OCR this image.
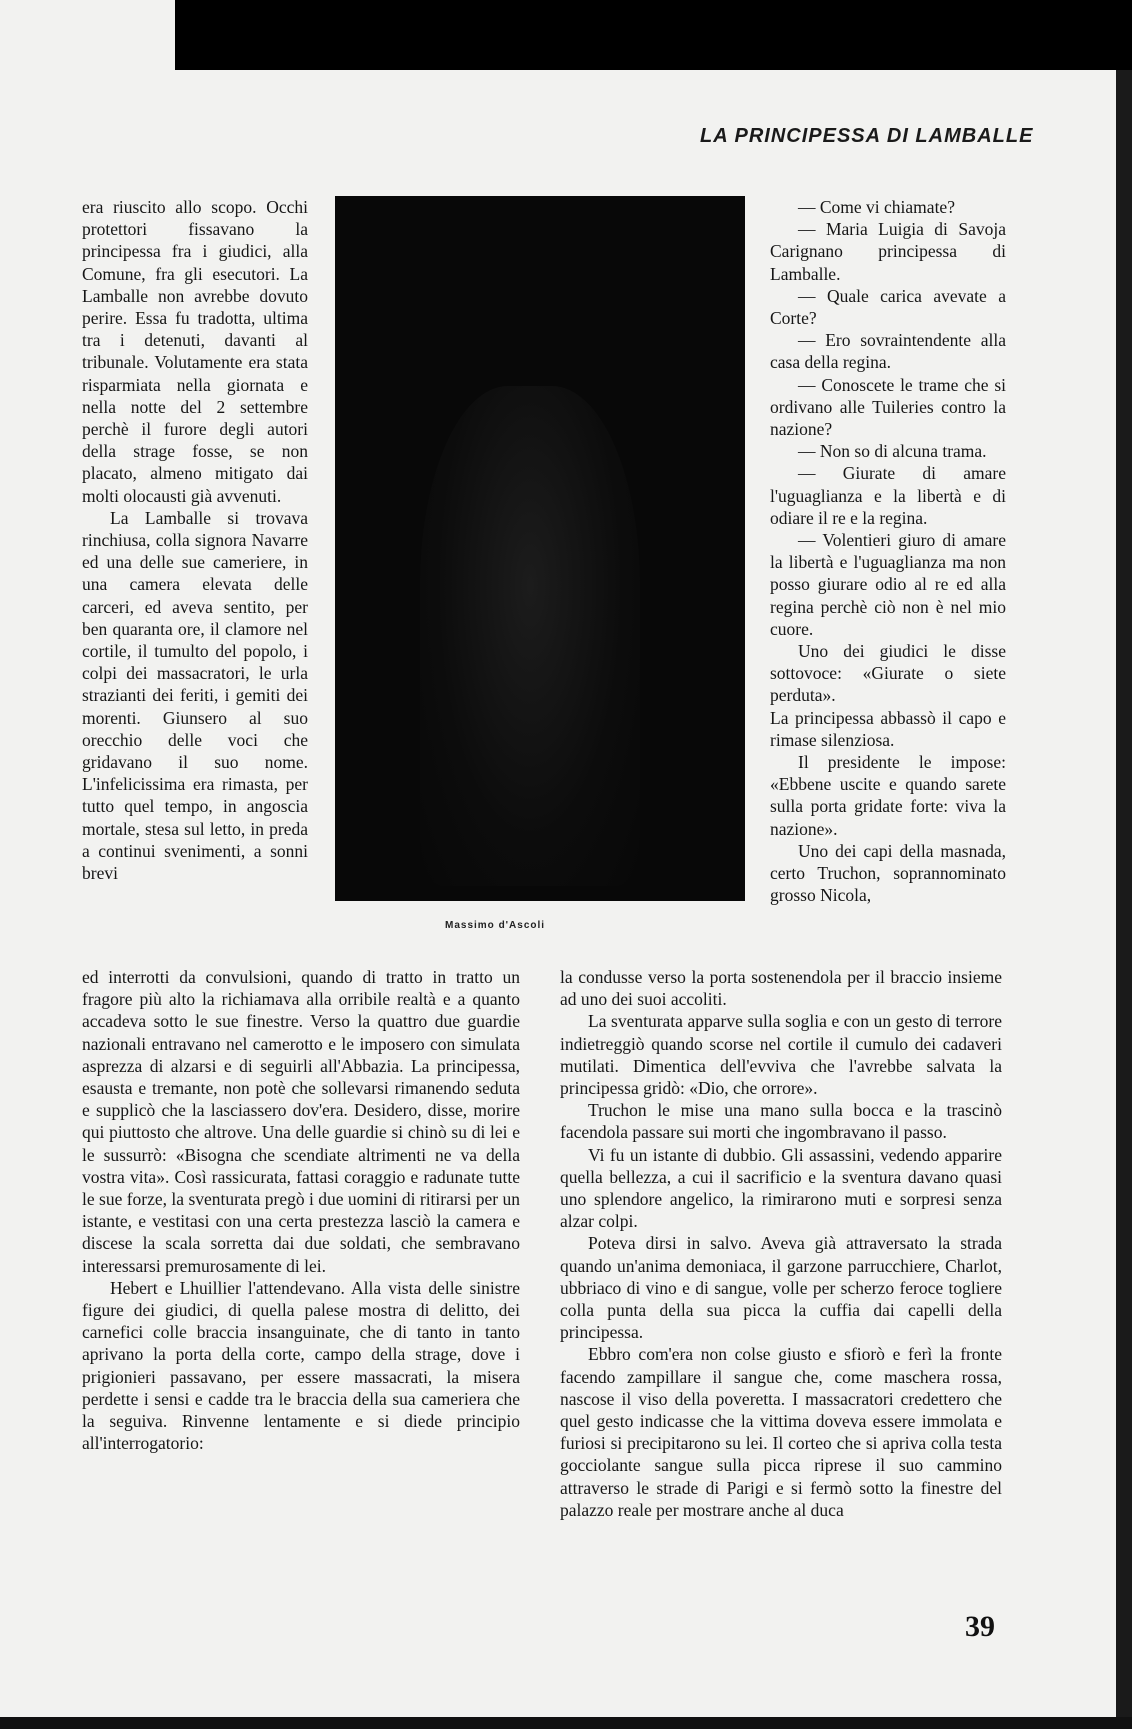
LA PRINCIPESSA DI LAMBALLE
Massimo d'Ascoli

era riuscito allo scopo. Occhi protettori fissavano la principessa fra i giudici, alla Comune, fra gli esecutori. La Lamballe non avrebbe dovuto perire. Essa fu tradotta, ultima tra i detenuti, davanti al tribunale. Volutamente era stata risparmiata nella giornata e nella notte del 2 settembre perchè il furore degli autori della strage fosse, se non placato, almeno mitigato dai molti olocausti già avvenuti.

La Lamballe si trovava rinchiusa, colla signora Navarre ed una delle sue cameriere, in una camera elevata delle carceri, ed aveva sentito, per ben quaranta ore, il clamore nel cortile, il tumulto del popolo, i colpi dei massacratori, le urla strazianti dei feriti, i gemiti dei morenti. Giunsero al suo orecchio delle voci che gridavano il suo nome. L'infelicissima era rimasta, per tutto quel tempo, in angoscia mortale, stesa sul letto, in preda a continui svenimenti, a sonni brevi

— Come vi chiamate?

— Maria Luigia di Savoja Carignano principessa di Lamballe.

— Quale carica avevate a Corte?

— Ero sovraintendente alla casa della regina.

— Conoscete le trame che si ordivano alle Tuileries contro la nazione?

— Non so di alcuna trama.

— Giurate di amare l'uguaglianza e la libertà e di odiare il re e la regina.

— Volentieri giuro di amare la libertà e l'uguaglianza ma non posso giurare odio al re ed alla regina perchè ciò non è nel mio cuore.

Uno dei giudici le disse sottovoce: «Giurate o siete perduta».

La principessa abbassò il capo e rimase silenziosa.

Il presidente le impose: «Ebbene uscite e quando sarete sulla porta gridate forte: viva la nazione».

Uno dei capi della masnada, certo Truchon, soprannominato grosso Nicola,

ed interrotti da convulsioni, quando di tratto in tratto un fragore più alto la richiamava alla orribile realtà e a quanto accadeva sotto le sue finestre. Verso la quattro due guardie nazionali entravano nel camerotto e le imposero con simulata asprezza di alzarsi e di seguirli all'Abbazia. La principessa, esausta e tremante, non potè che sollevarsi rimanendo seduta e supplicò che la lasciassero dov'era. Desidero, disse, morire qui piuttosto che altrove. Una delle guardie si chinò su di lei e le sussurrò: «Bisogna che scendiate altrimenti ne va della vostra vita». Così rassicurata, fattasi coraggio e radunate tutte le sue forze, la sventurata pregò i due uomini di ritirarsi per un istante, e vestitasi con una certa prestezza lasciò la camera e discese la scala sorretta dai due soldati, che sembravano interessarsi premurosamente di lei.

Hebert e Lhuillier l'attendevano. Alla vista delle sinistre figure dei giudici, di quella palese mostra di delitto, dei carnefici colle braccia insanguinate, che di tanto in tanto aprivano la porta della corte, campo della strage, dove i prigionieri passavano, per essere massacrati, la misera perdette i sensi e cadde tra le braccia della sua cameriera che la seguiva. Rinvenne lentamente e si diede principio all'interrogatorio:

la condusse verso la porta sostenendola per il braccio insieme ad uno dei suoi accoliti.

La sventurata apparve sulla soglia e con un gesto di terrore indietreggiò quando scorse nel cortile il cumulo dei cadaveri mutilati. Dimentica dell'evviva che l'avrebbe salvata la principessa gridò: «Dio, che orrore».

Truchon le mise una mano sulla bocca e la trascinò facendola passare sui morti che ingombravano il passo.

Vi fu un istante di dubbio. Gli assassini, vedendo apparire quella bellezza, a cui il sacrificio e la sventura davano quasi uno splendore angelico, la rimirarono muti e sorpresi senza alzar colpi.

Poteva dirsi in salvo. Aveva già attraversato la strada quando un'anima demoniaca, il garzone parrucchiere, Charlot, ubbriaco di vino e di sangue, volle per scherzo feroce togliere colla punta della sua picca la cuffia dai capelli della principessa.

Ebbro com'era non colse giusto e sfiorò e ferì la fronte facendo zampillare il sangue che, come maschera rossa, nascose il viso della poveretta. I massacratori credettero che quel gesto indicasse che la vittima doveva essere immolata e furiosi si precipitarono su lei. Il corteo che si apriva colla testa gocciolante sangue sulla picca riprese il suo cammino attraverso le strade di Parigi e si fermò sotto la finestre del palazzo reale per mostrare anche al duca

39
